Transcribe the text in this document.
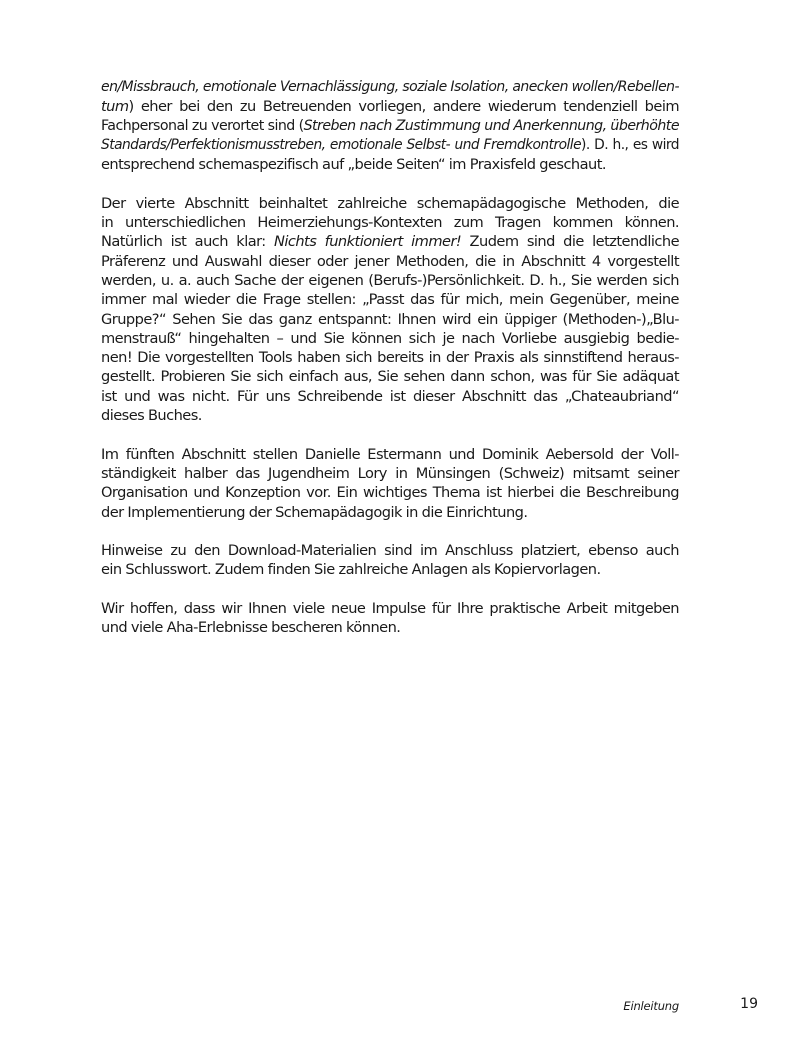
en/Missbrauch, emotionale Vernachlässigung, soziale Isolation, anecken wollen/Rebellen-
tum) eher bei den zu Betreuenden vorliegen, andere wiederum tendenziell beim
Fachpersonal zu verortet sind (Streben nach Zustimmung und Anerkennung, überhöhte
Standards/Perfektionismusstreben, emotionale Selbst- und Fremdkontrolle). D. h., es wird
entsprechend schemaspezifisch auf „beide Seiten“ im Praxisfeld geschaut.
Der vierte Abschnitt beinhaltet zahlreiche schemapädagogische Methoden, die
in unterschiedlichen Heimerziehungs-Kontexten zum Tragen kommen können.
Natürlich ist auch klar: Nichts funktioniert immer! Zudem sind die letztendliche
Präferenz und Auswahl dieser oder jener Methoden, die in Abschnitt 4 vorgestellt
werden, u. a. auch Sache der eigenen (Berufs-)Persönlichkeit. D. h., Sie werden sich
immer mal wieder die Frage stellen: „Passt das für mich, mein Gegenüber, meine
Gruppe?“ Sehen Sie das ganz entspannt: Ihnen wird ein üppiger (Methoden-)„Blu-
menstrauß“ hingehalten – und Sie können sich je nach Vorliebe ausgiebig bedie-
nen! Die vorgestellten Tools haben sich bereits in der Praxis als sinnstiftend heraus-
gestellt. Probieren Sie sich einfach aus, Sie sehen dann schon, was für Sie adäquat
ist und was nicht. Für uns Schreibende ist dieser Abschnitt das „Chateaubriand“
dieses Buches.
Im fünften Abschnitt stellen Danielle Estermann und Dominik Aebersold der Voll-
ständigkeit halber das Jugendheim Lory in Münsingen (Schweiz) mitsamt seiner
Organisation und Konzeption vor. Ein wichtiges Thema ist hierbei die Beschreibung
der Implementierung der Schemapädagogik in die Einrichtung.
Hinweise zu den Download-Materialien sind im Anschluss platziert, ebenso auch
ein Schlusswort. Zudem finden Sie zahlreiche Anlagen als Kopiervorlagen.
Wir hoffen, dass wir Ihnen viele neue Impulse für Ihre praktische Arbeit mitgeben
und viele Aha-Erlebnisse bescheren können.
Einleitung	19
